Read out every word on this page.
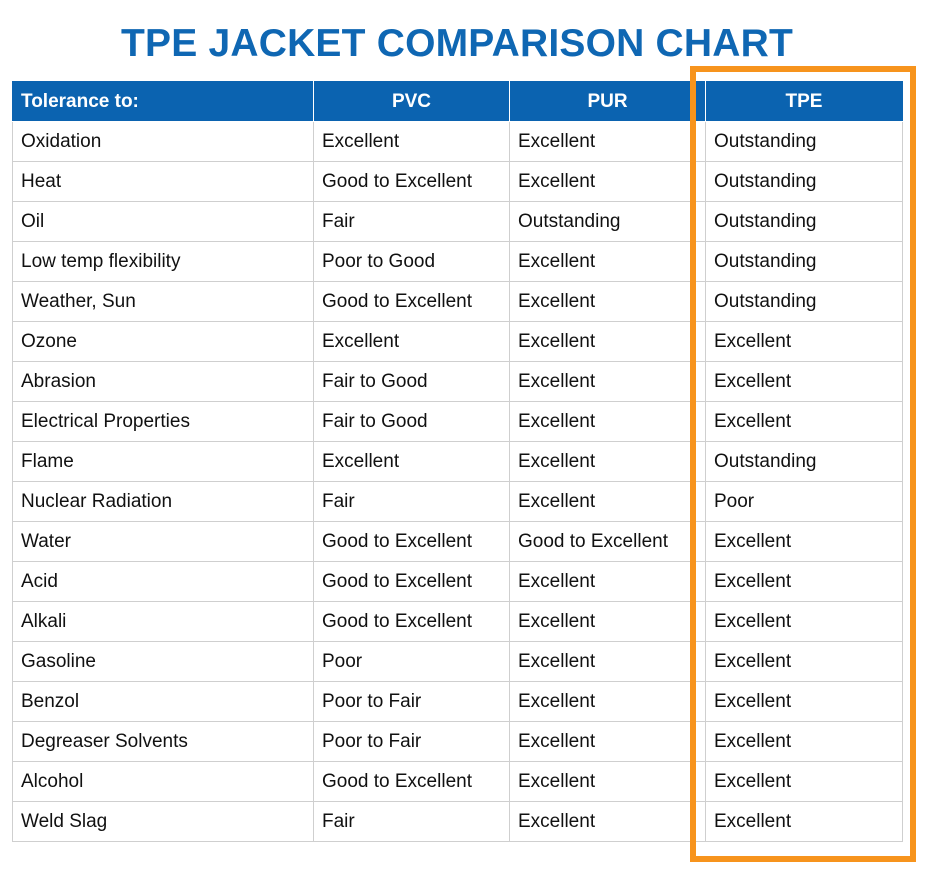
TPE JACKET COMPARISON CHART
Tolerance to:	PVC	PUR	TPE
Oxidation	Excellent	Excellent	Outstanding
Heat	Good to Excellent	Excellent	Outstanding
Oil	Fair	Outstanding	Outstanding
Low temp flexibility	Poor to Good	Excellent	Outstanding
Weather, Sun	Good to Excellent	Excellent	Outstanding
Ozone	Excellent	Excellent	Excellent
Abrasion	Fair to Good	Excellent	Excellent
Electrical Properties	Fair to Good	Excellent	Excellent
Flame	Excellent	Excellent	Outstanding
Nuclear Radiation	Fair	Excellent	Poor
Water	Good to Excellent	Good to Excellent	Excellent
Acid	Good to Excellent	Excellent	Excellent
Alkali	Good to Excellent	Excellent	Excellent
Gasoline	Poor	Excellent	Excellent
Benzol	Poor to Fair	Excellent	Excellent
Degreaser Solvents	Poor to Fair	Excellent	Excellent
Alcohol	Good to Excellent	Excellent	Excellent
Weld Slag	Fair	Excellent	Excellent
